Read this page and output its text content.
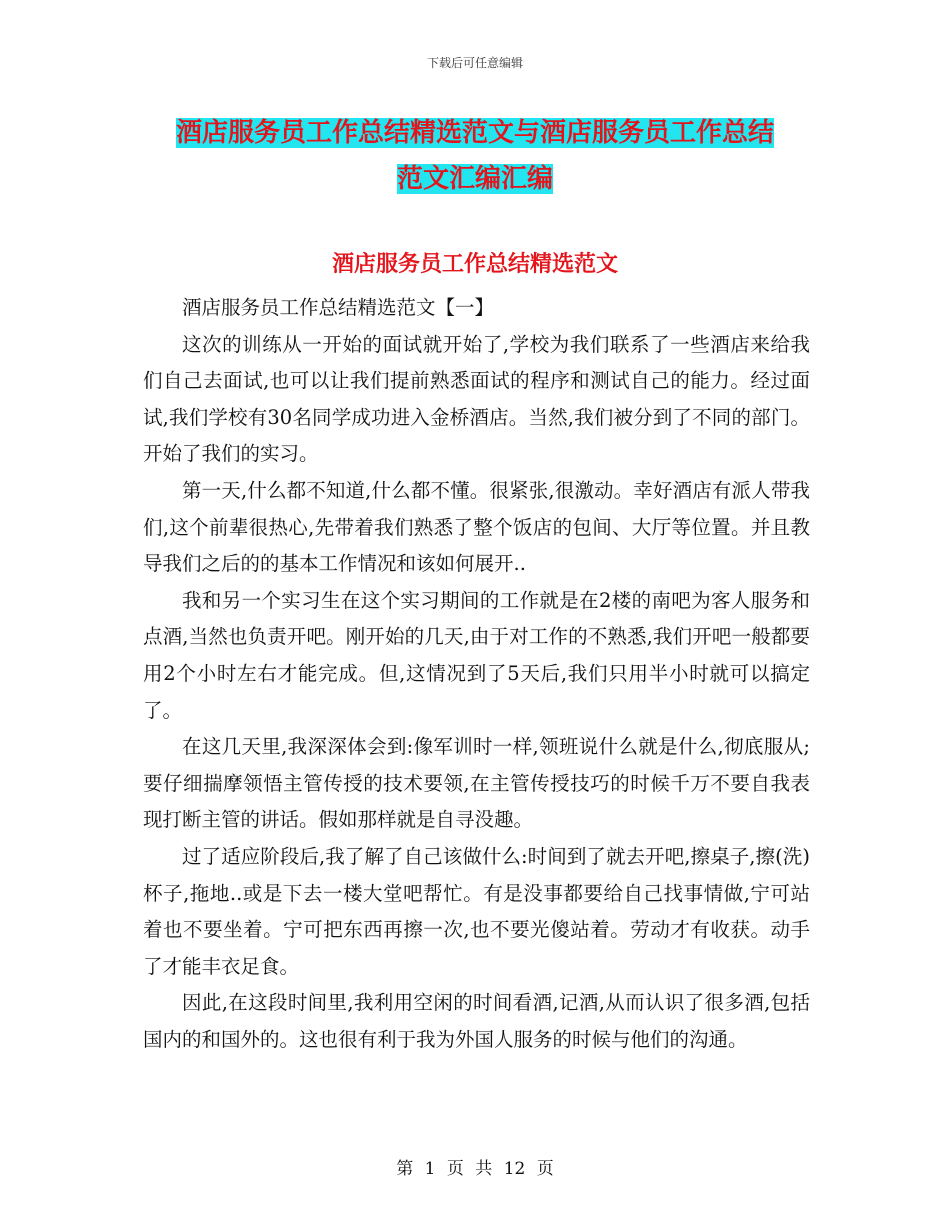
下载后可任意编辑
酒店服务员工作总结精选范文与酒店服务员工作总结
范文汇编汇编
酒店服务员工作总结精选范文

酒店服务员工作总结精选范文【一】

这次的训练从一开始的面试就开始了,学校为我们联系了一些酒店来给我们自己去面试,也可以让我们提前熟悉面试的程序和测试自己的能力。经过面试,我们学校有30名同学成功进入金桥酒店。当然,我们被分到了不同的部门。开始了我们的实习。

第一天,什么都不知道,什么都不懂。很紧张,很激动。幸好酒店有派人带我们,这个前辈很热心,先带着我们熟悉了整个饭店的包间、大厅等位置。并且教导我们之后的的基本工作情况和该如何展开..

我和另一个实习生在这个实习期间的工作就是在2楼的南吧为客人服务和点酒,当然也负责开吧。刚开始的几天,由于对工作的不熟悉,我们开吧一般都要用2个小时左右才能完成。但,这情况到了5天后,我们只用半小时就可以搞定了。

在这几天里,我深深体会到:像军训时一样,领班说什么就是什么,彻底服从;要仔细揣摩领悟主管传授的技术要领,在主管传授技巧的时候千万不要自我表现打断主管的讲话。假如那样就是自寻没趣。

过了适应阶段后,我了解了自己该做什么:时间到了就去开吧,擦桌子,擦(洗)杯子,拖地..或是下去一楼大堂吧帮忙。有是没事都要给自己找事情做,宁可站着也不要坐着。宁可把东西再擦一次,也不要光傻站着。劳动才有收获。动手了才能丰衣足食。

因此,在这段时间里,我利用空闲的时间看酒,记酒,从而认识了很多酒,包括国内的和国外的。这也很有利于我为外国人服务的时候与他们的沟通。

第 1 页 共 12 页
